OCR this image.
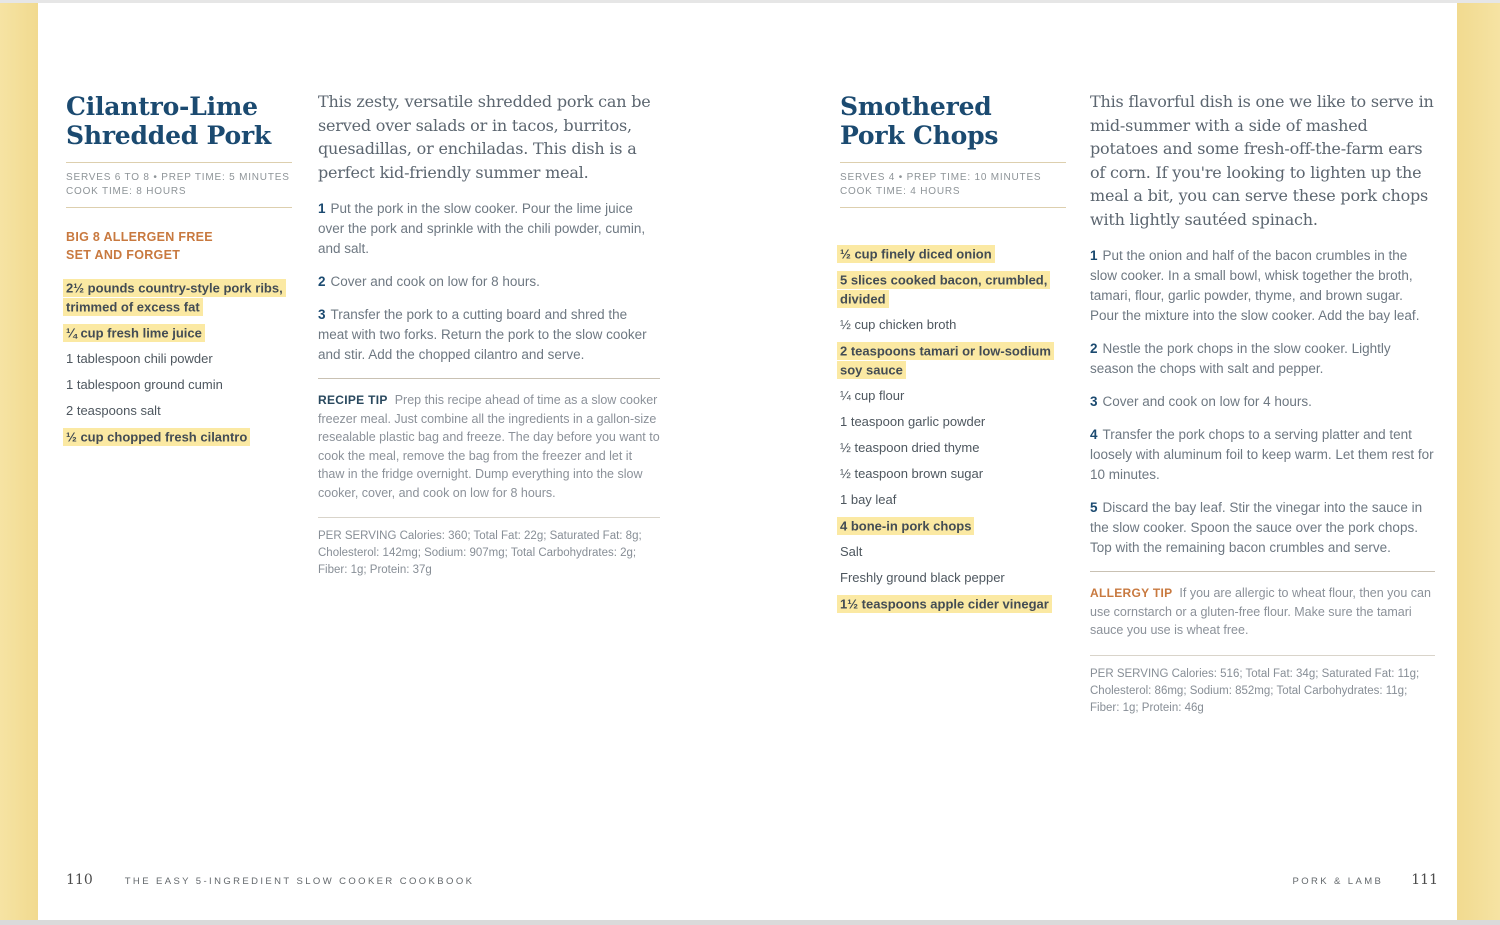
Cilantro-Lime
Shredded Pork
SERVES 6 TO 8 • PREP TIME: 5 MINUTES
COOK TIME: 8 HOURS
BIG 8 ALLERGEN FREE
SET AND FORGET

2½ pounds country-style pork ribs, trimmed of excess fat

¼ cup fresh lime juice

1 tablespoon chili powder

1 tablespoon ground cumin

2 teaspoons salt

½ cup chopped fresh cilantro

This zesty, versatile shredded pork can be served over salads or in tacos, burritos, quesadillas, or enchiladas. This dish is a perfect kid-friendly summer meal.

1 Put the pork in the slow cooker. Pour the lime juice over the pork and sprinkle with the chili powder, cumin, and salt.

2 Cover and cook on low for 8 hours.

3 Transfer the pork to a cutting board and shred the meat with two forks. Return the pork to the slow cooker and stir. Add the chopped cilantro and serve.

RECIPE TIP Prep this recipe ahead of time as a slow cooker freezer meal. Just combine all the ingredients in a gallon-size resealable plastic bag and freeze. The day before you want to cook the meal, remove the bag from the freezer and let it thaw in the fridge overnight. Dump everything into the slow cooker, cover, and cook on low for 8 hours.

PER SERVING Calories: 360; Total Fat: 22g; Saturated Fat: 8g; Cholesterol: 142mg; Sodium: 907mg; Total Carbohydrates: 2g; Fiber: 1g; Protein: 37g

Smothered
Pork Chops
SERVES 4 • PREP TIME: 10 MINUTES
COOK TIME: 4 HOURS

½ cup finely diced onion

5 slices cooked bacon, crumbled, divided

½ cup chicken broth

2 teaspoons tamari or low-sodium soy sauce

¼ cup flour

1 teaspoon garlic powder

½ teaspoon dried thyme

½ teaspoon brown sugar

1 bay leaf

4 bone-in pork chops

Salt

Freshly ground black pepper

1½ teaspoons apple cider vinegar

This flavorful dish is one we like to serve in mid-summer with a side of mashed potatoes and some fresh-off-the-farm ears of corn. If you're looking to lighten up the meal a bit, you can serve these pork chops with lightly sautéed spinach.

1 Put the onion and half of the bacon crumbles in the slow cooker. In a small bowl, whisk together the broth, tamari, flour, garlic powder, thyme, and brown sugar. Pour the mixture into the slow cooker. Add the bay leaf.

2 Nestle the pork chops in the slow cooker. Lightly season the chops with salt and pepper.

3 Cover and cook on low for 4 hours.

4 Transfer the pork chops to a serving platter and tent loosely with aluminum foil to keep warm. Let them rest for 10 minutes.

5 Discard the bay leaf. Stir the vinegar into the sauce in the slow cooker. Spoon the sauce over the pork chops. Top with the remaining bacon crumbles and serve.

ALLERGY TIP If you are allergic to wheat flour, then you can use cornstarch or a gluten-free flour. Make sure the tamari sauce you use is wheat free.

PER SERVING Calories: 516; Total Fat: 34g; Saturated Fat: 11g; Cholesterol: 86mg; Sodium: 852mg; Total Carbohydrates: 11g; Fiber: 1g; Protein: 46g

110	THE EASY 5-INGREDIENT SLOW COOKER COOKBOOK	PORK & LAMB 111
